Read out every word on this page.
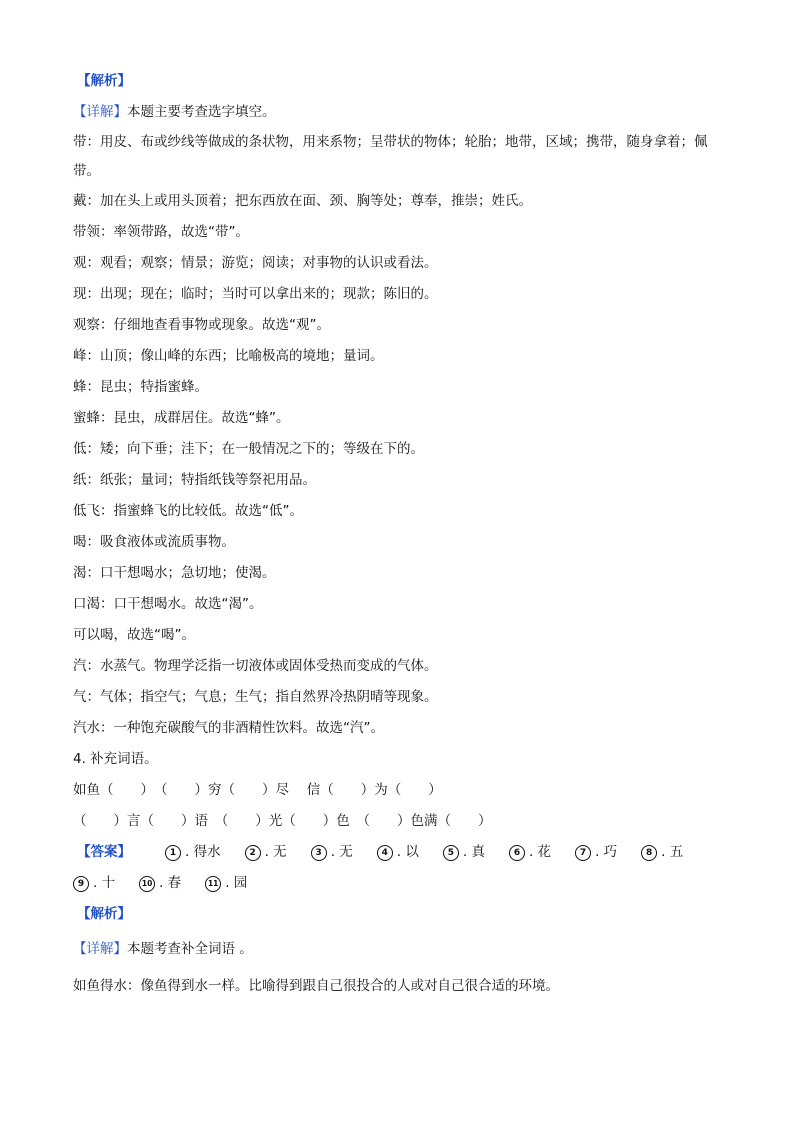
【解析】
【详解】本题主要考查选字填空。
带：用皮、布或纱线等做成的条状物，用来系物；呈带状的物体；轮胎；地带，区域；携带，随身拿着；佩带。
戴：加在头上或用头顶着；把东西放在面、颈、胸等处；尊奉，推崇；姓氏。
带领：率领带路，故选“带”。
观：观看；观察；情景；游览；阅读；对事物的认识或看法。
现：出现；现在；临时；当时可以拿出来的；现款；陈旧的。
观察：仔细地查看事物或现象。故选“观”。
峰：山顶；像山峰的东西；比喻极高的境地；量词。
蜂：昆虫；特指蜜蜂。
蜜蜂：昆虫，成群居住。故选“蜂”。
低：矮；向下垂；洼下；在一般情况之下的；等级在下的。
纸：纸张；量词；特指纸钱等祭祀用品。
低飞：指蜜蜂飞的比较低。故选“低”。
喝：吸食液体或流质事物。
渴：口干想喝水；急切地；使渴。
口渴：口干想喝水。故选“渴”。
可以喝，故选“喝”。
汽：水蒸气。物理学泛指一切液体或固体受热而变成的气体。
气：气体；指空气；气息；生气；指自然界冷热阴晴等现象。
汽水：一种饱充碳酸气的非酒精性饮料。故选“汽”。
4. 补充词语。
如鱼（　　）　（　　）穷（　　）尽　 信（　　）为（　　）
（　　）言（　　）语　（　　）光（　　）色　（　　）色满（　　）
【答案】	1 . 得水	2 . 无	3 . 无	4 . 以	5 . 真	6 . 花	7 . 巧	8 . 五
9 . 十	10 . 春	11 . 园
【解析】
【详解】本题考查补全词语 。
如鱼得水：像鱼得到水一样。比喻得到跟自己很投合的人或对自己很合适的环境。
